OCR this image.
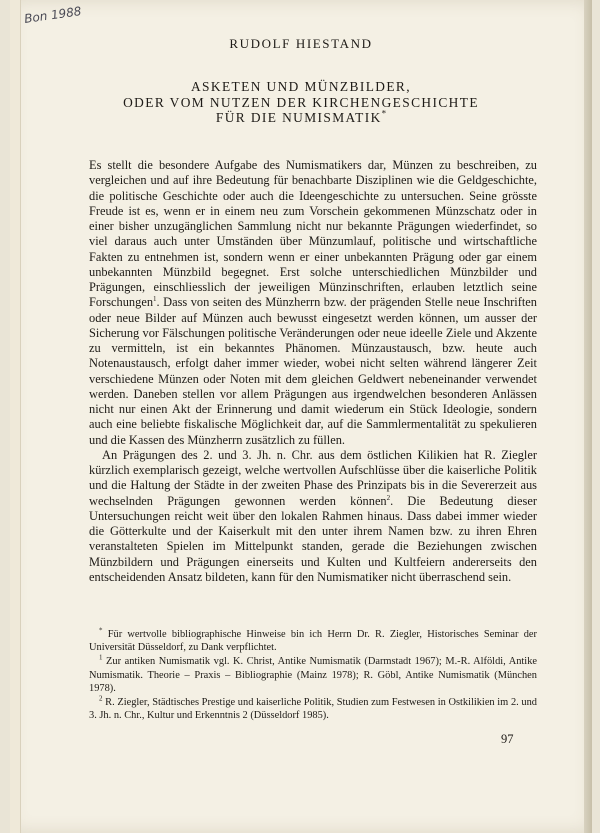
Bon 1988
RUDOLF HIESTAND
ASKETEN UND MÜNZBILDER,
ODER VOM NUTZEN DER KIRCHENGESCHICHTE
FÜR DIE NUMISMATIK*

Es stellt die besondere Aufgabe des Numismatikers dar, Münzen zu beschreiben, zu vergleichen und auf ihre Bedeutung für benachbarte Disziplinen wie die Geldgeschichte, die politische Geschichte oder auch die Ideengeschichte zu untersuchen. Seine grösste Freude ist es, wenn er in einem neu zum Vorschein gekommenen Münzschatz oder in einer bisher unzugänglichen Sammlung nicht nur bekannte Prägungen wiederfindet, so viel daraus auch unter Umständen über Münzumlauf, politische und wirtschaftliche Fakten zu entnehmen ist, sondern wenn er einer unbekannten Prägung oder gar einem unbekannten Münzbild begegnet. Erst solche unterschiedlichen Münzbilder und Prägungen, einschliesslich der jeweiligen Münzinschriften, erlauben letztlich seine Forschungen$^1$. Dass von seiten des Münzherrn bzw. der prägenden Stelle neue Inschriften oder neue Bilder auf Münzen auch bewusst eingesetzt werden können, um ausser der Sicherung vor Fälschungen politische Veränderungen oder neue ideelle Ziele und Akzente zu vermitteln, ist ein bekanntes Phänomen. Münzaustausch, bzw. heute auch Notenaustausch, erfolgt daher immer wieder, wobei nicht selten während längerer Zeit verschiedene Münzen oder Noten mit dem gleichen Geldwert nebeneinander verwendet werden. Daneben stellen vor allem Prägungen aus irgendwelchen besonderen Anlässen nicht nur einen Akt der Erinnerung und damit wiederum ein Stück Ideologie, sondern auch eine beliebte fiskalische Möglichkeit dar, auf die Sammlermentalität zu spekulieren und die Kassen des Münzherrn zusätzlich zu füllen.

An Prägungen des 2. und 3. Jh. n. Chr. aus dem östlichen Kilikien hat R. Ziegler kürzlich exemplarisch gezeigt, welche wertvollen Aufschlüsse über die kaiserliche Politik und die Haltung der Städte in der zweiten Phase des Prinzipats bis in die Severerzeit aus wechselnden Prägungen gewonnen werden können$^2$. Die Bedeutung dieser Untersuchungen reicht weit über den lokalen Rahmen hinaus. Dass dabei immer wieder die Götterkulte und der Kaiserkult mit den unter ihrem Namen bzw. zu ihren Ehren veranstalteten Spielen im Mittelpunkt standen, gerade die Beziehungen zwischen Münzbildern und Prägungen einerseits und Kulten und Kultfeiern andererseits den entscheidenden Ansatz bildeten, kann für den Numismatiker nicht überraschend sein.

* Für wertvolle bibliographische Hinweise bin ich Herrn Dr. R. Ziegler, Historisches Seminar der Universität Düsseldorf, zu Dank verpflichtet.

$^1$ Zur antiken Numismatik vgl. K. Christ, Antike Numismatik (Darmstadt 1967); M.-R. Alföldi, Antike Numismatik. Theorie – Praxis – Bibliographie (Mainz 1978); R. Göbl, Antike Numismatik (München 1978).

$^2$ R. Ziegler, Städtisches Prestige und kaiserliche Politik, Studien zum Festwesen in Ostkilikien im 2. und 3. Jh. n. Chr., Kultur und Erkenntnis 2 (Düsseldorf 1985).

97
